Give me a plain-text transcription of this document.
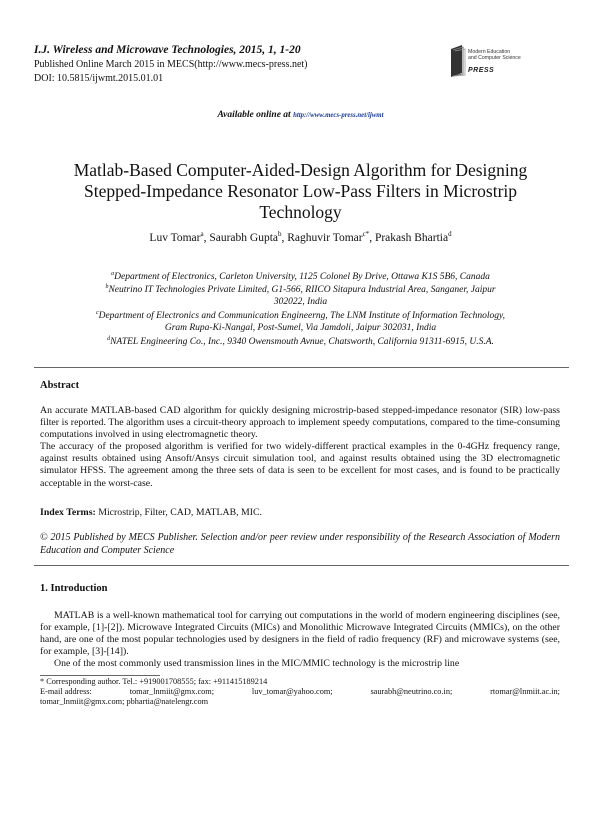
I.J. Wireless and Microwave Technologies, 2015, 1, 1-20
Published Online March 2015 in MECS(http://www.mecs-press.net)
DOI: 10.5815/ijwmt.2015.01.01
Modern Education
and Computer Science
PRESS
Available online at http://www.mecs-press.net/ijwmt
Matlab-Based Computer-Aided-Design Algorithm for Designing
Stepped-Impedance Resonator Low-Pass Filters in Microstrip
Technology
Luv Tomar$^a$, Saurabh Gupta$^b$, Raghuvir Tomar$^{c*}$, Prakash Bhartia$^d$
$^a$Department of Electronics, Carleton University, 1125 Colonel By Drive, Ottawa K1S 5B6, Canada
$^b$Neutrino IT Technologies Private Limited, G1-566, RIICO Sitapura Industrial Area, Sanganer, Jaipur
302022, India
$^c$Department of Electronics and Communication Engineerng, The LNM Institute of Information Technology,
Gram Rupa-Ki-Nangal, Post-Sumel, Via Jamdoli, Jaipur 302031, India
$^d$NATEL Engineering Co., Inc., 9340 Owensmouth Avnue, Chatsworth, California 91311-6915, U.S.A.
Abstract

An accurate MATLAB-based CAD algorithm for quickly designing microstrip-based stepped-impedance resonator (SIR) low-pass filter is reported. The algorithm uses a circuit-theory approach to implement speedy computations, compared to the time-consuming computations involved in using electromagnetic theory.

The accuracy of the proposed algorithm is verified for two widely-different practical examples in the 0-4GHz frequency range, against results obtained using Ansoft/Ansys circuit simulation tool, and against results obtained using the 3D electromagnetic simulator HFSS. The agreement among the three sets of data is seen to be excellent for most cases, and is found to be practically acceptable in the worst-case.

Index Terms: Microstrip, Filter, CAD, MATLAB, MIC.
© 2015 Published by MECS Publisher. Selection and/or peer review under responsibility of the Research Association of Modern Education and Computer Science
1. Introduction

MATLAB is a well-known mathematical tool for carrying out computations in the world of modern engineering disciplines (see, for example, [1]-[2]). Microwave Integrated Circuits (MICs) and Monolithic Microwave Integrated Circuits (MMICs), on the other hand, are one of the most popular technologies used by designers in the field of radio frequency (RF) and microwave systems (see, for example, [3]-[14]).

One of the most commonly used transmission lines in the MIC/MMIC technology is the microstrip line

* Corresponding author. Tel.: +919001708555; fax: +911415189214
E-mail address:	tomar_lnmiit@gmx.com;	luv_tomar@yahoo.com;	saurabh@neutrino.co.in;	rtomar@lnmiit.ac.in;
tomar_lnmiit@gmx.com; pbhartia@natelengr.com
